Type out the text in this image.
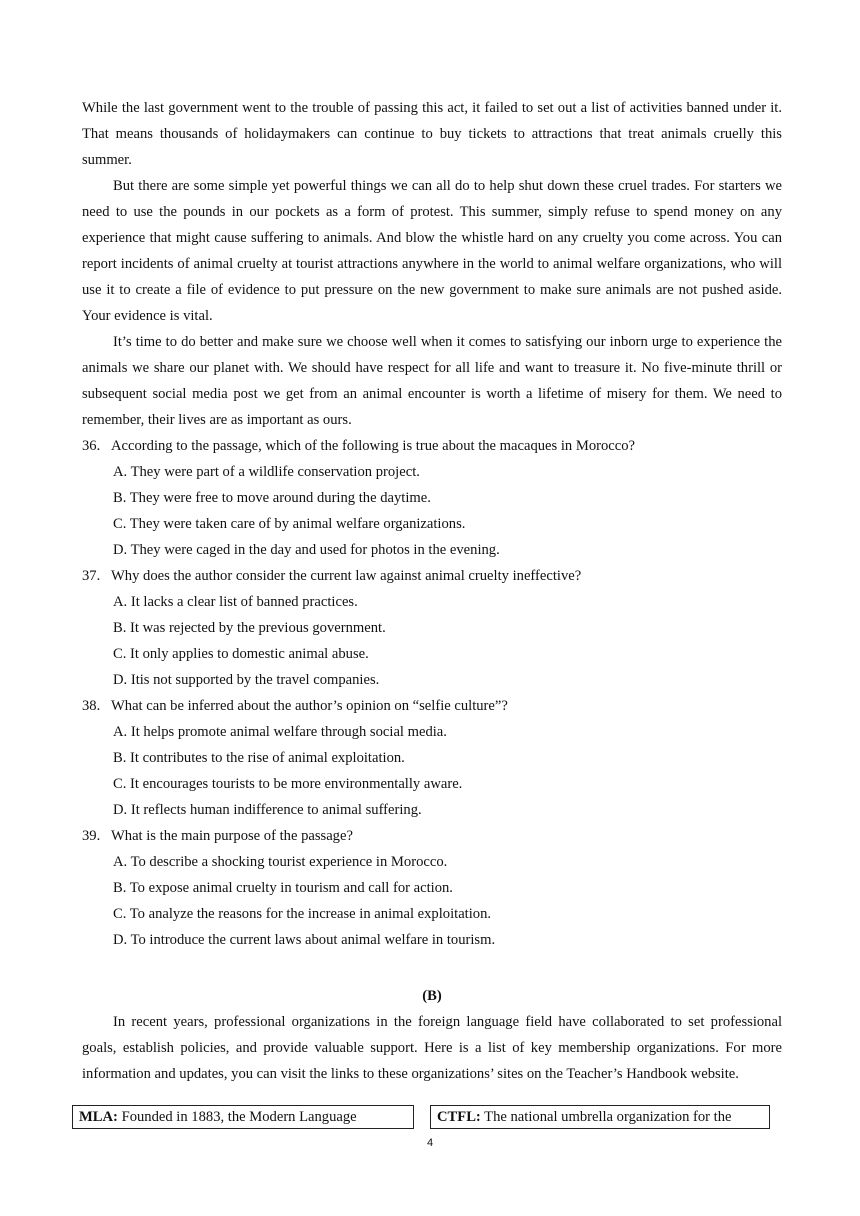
While the last government went to the trouble of passing this act, it failed to set out a list of activities banned under it. That means thousands of holidaymakers can continue to buy tickets to attractions that treat animals cruelly this summer.

But there are some simple yet powerful things we can all do to help shut down these cruel trades. For starters we need to use the pounds in our pockets as a form of protest. This summer, simply refuse to spend money on any experience that might cause suffering to animals. And blow the whistle hard on any cruelty you come across. You can report incidents of animal cruelty at tourist attractions anywhere in the world to animal welfare organizations, who will use it to create a file of evidence to put pressure on the new government to make sure animals are not pushed aside. Your evidence is vital.

It’s time to do better and make sure we choose well when it comes to satisfying our inborn urge to experience the animals we share our planet with. We should have respect for all life and want to treasure it. No five-minute thrill or subsequent social media post we get from an animal encounter is worth a lifetime of misery for them. We need to remember, their lives are as important as ours.

36. According to the passage, which of the following is true about the macaques in Morocco?
A. They were part of a wildlife conservation project.
B. They were free to move around during the daytime.
C. They were taken care of by animal welfare organizations.
D. They were caged in the day and used for photos in the evening.
37. Why does the author consider the current law against animal cruelty ineffective?
A. It lacks a clear list of banned practices.
B. It was rejected by the previous government.
C. It only applies to domestic animal abuse.
D. Itis not supported by the travel companies.
38. What can be inferred about the author’s opinion on “selfie culture”?
A. It helps promote animal welfare through social media.
B. It contributes to the rise of animal exploitation.
C. It encourages tourists to be more environmentally aware.
D. It reflects human indifference to animal suffering.
39. What is the main purpose of the passage?
A. To describe a shocking tourist experience in Morocco.
B. To expose animal cruelty in tourism and call for action.
C. To analyze the reasons for the increase in animal exploitation.
D. To introduce the current laws about animal welfare in tourism.
(B)

In recent years, professional organizations in the foreign language field have collaborated to set professional goals, establish policies, and provide valuable support. Here is a list of key membership organizations. For more information and updates, you can visit the links to these organizations’ sites on the Teacher’s Handbook website.

MLA: Founded in 1883, the Modern Language	CTFL: The national umbrella organization for the
4
